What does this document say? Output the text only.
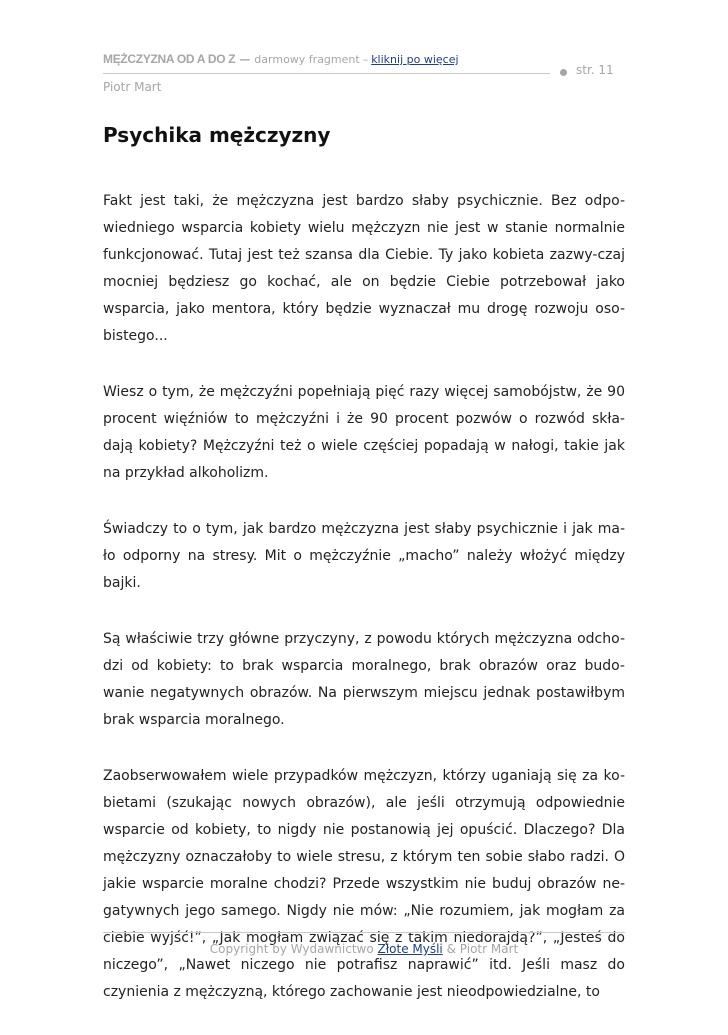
MĘŻCZYZNA OD A DO Z — darmowy fragment – kliknij po więcej
str. 11
Piotr Mart
Psychika mężczyzny

Fakt jest taki, że mężczyzna jest bardzo słaby psychicznie. Bez odpo-wiedniego wsparcia kobiety wielu mężczyzn nie jest w stanie normalnie funkcjonować. Tutaj jest też szansa dla Ciebie. Ty jako kobieta zazwy-czaj mocniej będziesz go kochać, ale on będzie Ciebie potrzebował jako wsparcia, jako mentora, który będzie wyznaczał mu drogę rozwoju oso-bistego...

Wiesz o tym, że mężczyźni popełniają pięć razy więcej samobójstw, że 90 procent więźniów to mężczyźni i że 90 procent pozwów o rozwód skła-dają kobiety? Mężczyźni też o wiele częściej popadają w nałogi, takie jak na przykład alkoholizm.

Świadczy to o tym, jak bardzo mężczyzna jest słaby psychicznie i jak ma-ło odporny na stresy. Mit o mężczyźnie „macho” należy włożyć między bajki.

Są właściwie trzy główne przyczyny, z powodu których mężczyzna odcho-dzi od kobiety: to brak wsparcia moralnego, brak obrazów oraz budo-wanie negatywnych obrazów. Na pierwszym miejscu jednak postawiłbym brak wsparcia moralnego.

Zaobserwowałem wiele przypadków mężczyzn, którzy uganiają się za ko-bietami (szukając nowych obrazów), ale jeśli otrzymują odpowiednie wsparcie od kobiety, to nigdy nie postanowią jej opuścić. Dlaczego? Dla mężczyzny oznaczałoby to wiele stresu, z którym ten sobie słabo radzi. O jakie wsparcie moralne chodzi? Przede wszystkim nie buduj obrazów ne-gatywnych jego samego. Nigdy nie mów: „Nie rozumiem, jak mogłam za ciebie wyjść!”, „Jak mogłam związać się z takim niedorajdą?”, „Jesteś do niczego”, „Nawet niczego nie potrafisz naprawić” itd. Jeśli masz do czynienia z mężczyzną, którego zachowanie jest nieodpowiedzialne, to

Copyright by Wydawnictwo Złote Myśli & Piotr Mart
